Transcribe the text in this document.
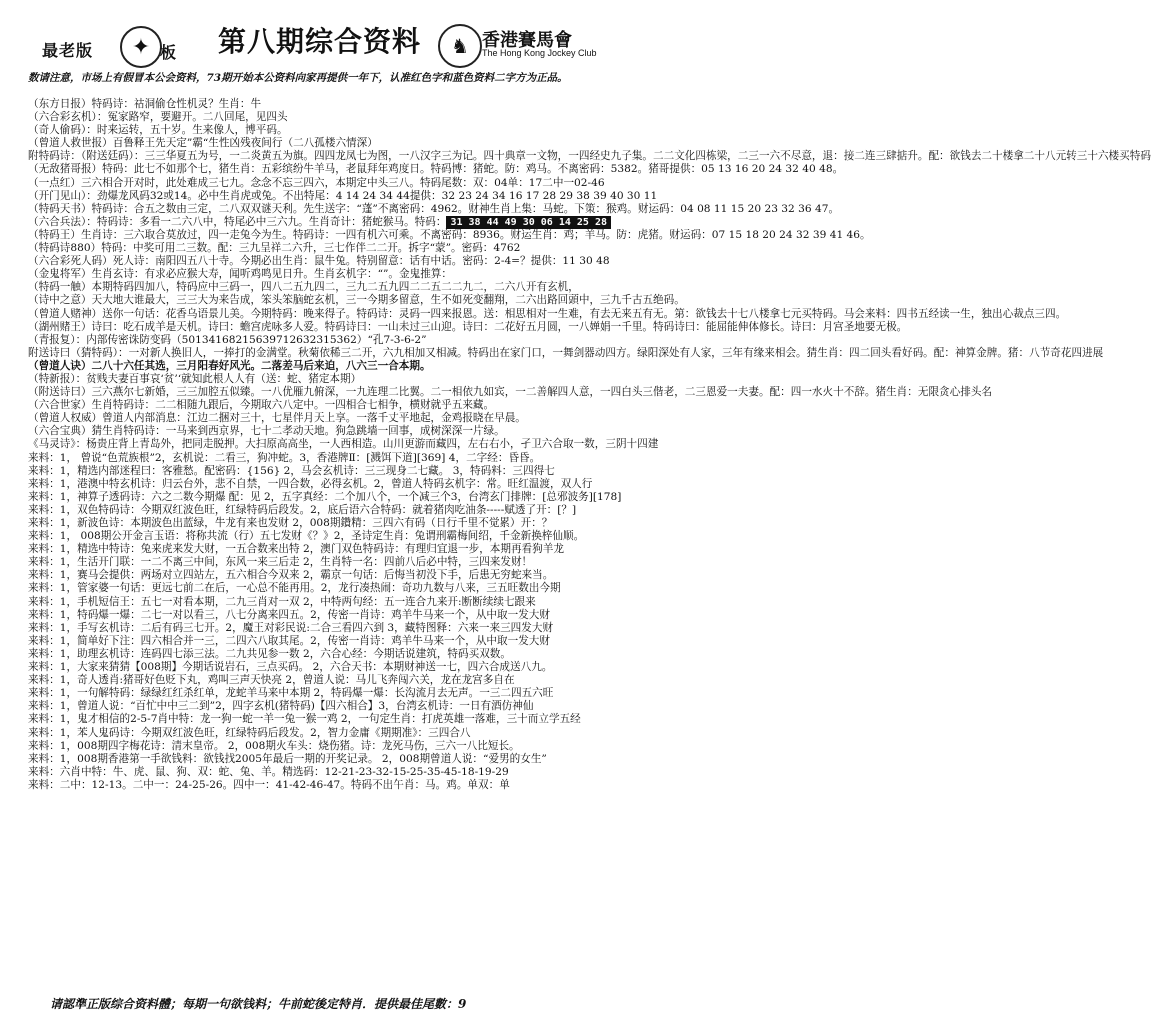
最老版	✦ 板 第八期综合资料	♞ 香港賽馬會
The Hong Kong Jockey Club
数请注意，市场上有假冒本公会资料，73期开始本公资料向家再提供一年下，认准红色字和蓝色资料二字方为正品。

（东方日报）特码诗：祜洞偷仓性机灵？生肖：牛

（六合彩玄机）：冤家路窄，要避开。二八回尾，见四头

（奇人偷码）：时来运转，五十岁。生来像人，博平码。

（曾道人救世报）百鲁释王先天定”霸“生性凶残夜间行（二八孤楼六情深）

附特码诗：（附送廷码）：三三华夏五为号，一二炎黄五为旗。四四龙凤七为图，一八汉字三为记。四十典章一文物，一四经史九子集。二二文化四栋梁，二三一六不尽意，退：接二连三肆掂升。配：欲钱去二十楼拿二十八元转三十六楼买特码

（无敌猪哥报）特码：此七不如那个七，猪生肖：五彩缤纷牛羊马，老鼠拜年鸡度日。特码博：猪蛇。防：鸡马。不离密码：5382。猪哥提供：05 13 16 20 24 32 40 48。

（一点红）三六相合开对时，此处难成三七九。念念不忘三四六，本期定中头三八。特码尾数：双：04单：17二中一02-46

（开门见山）：劲爆龙风码32或14。必中生肖虎或兔。不出特尾：4 14 24 34 44提供：32 23 24 34 16 17 28 29 38 39 40 30 11

（特码天书）特码诗：合五之数由三定，二八双双谜天利。先生送字：“蓬”不离密码：4962。财神生肖上集：马蛇。下策：猴鸡。财运码：04 08 11 15 20 23 32 36 47。

（六合兵法）：特码诗：多看一二六八中，特尾必中三六九。生肖奇计：猪蛇猴马。特码： 31 38 44 49 30 06 14 25 28

（特码王）生肖诗：三六取合莫放过，四一走兔今为生。特码诗：一四有机六可乘。不离密码：8936。财运生肖：鸡；羊马。防：虎猪。财运码：07 15 18 20 24 32 39 41 46。

（特码诗880）特码：中奖可用二三数。配：三九呈祥二六升，三七作伴二二开。拆字“蒙”。密码：4762

（六合彩死人码）死人诗：南阳四五八十寺。今期必出生肖：鼠牛兔。特别留意：话有中话。密码：2-4=？提供：11 30 48

（金鬼将军）生肖玄诗：有求必应猴大寿，闻听鸡鸣见日升。生肖玄机字：“”。金鬼推算：

（特码一触）本期特码四加八，特码应中三码一，四八二五九四二，三九二五九四二二五二二九二，二六八开有玄机，

（诗中之意）天大地大谁最大，三三大为来告成，笨头笨脑蛇玄机，三一今期多留意，生不如死变翻翔，二六出路回頭中，三九千古五绝码。

（曾道人赌神）送你一句话：花香乌语景儿美。今期特码：晚来得子。特码诗：灵码一四来报恩。送：相思相对一生难，有去无来五有无。第：欲钱去十七八楼拿七元买特码。马会来料：四书五经读一生，独出心裁点三四。

（湖州赌王）诗曰：吃石成羊是天机。诗曰：蟾宫虎咏多人爱。特码诗曰：一山未过三山迎。诗曰：二花好五月圆，一八婵娟一千里。特码诗曰：能屈能伸体修长。诗曰：月宫圣地要无极。

（青报复）：内部传密诛防变码（50134168215639712632315362）“孔7-3-6-2”

附送诗曰（猜特码）：一对新人换旧人，一捧打的金满堂。秋菊依稀三二开，六九相加又相减。特码出在家门口，一舞剑器动四方。绿阳深处有人家，三年有缘来相会。猜生肖：四二回头看好码。配：神算金牌。猪：八节奇花四进展

（曾道人诀）二八十六任其选，三月阳春好风光。二落差马后来迫，八六三一合本期。

（特新报）：贫贱夫妻百事哀‘贫’‘就知此根人人有（送：蛇、猪定本期）

（附送诗曰）三六燕尔七新婚，三三加腔五似臻。一八优雁九俯深，一九连理二比翼。二一相依九如宾，一二善解四人意，一四白头三偕老，二三恩爱一夫妻。配：四一水火十不辞。猪生肖：无限贪心排头名

（六合世家）生肖特码诗：二二相随九跟后，今期取六八定中。一四相合七相争，横财就乎五来藏。

（曾道人权威）曾道人内部消息：江边二捆对三十，七星伴月天上享。一落千丈平地起，金鸡报晓在早晨。

（六合宝典）猜生肖特码诗：一马来到西京界，七十二孝动天地。狗急跳墙一回事，成树深深一片绿。

《马灵诗》：杨贵庄背上青岛外，把同走脱押。大扫原高高坐，一人西相造。山川更游而藏四，左右右小，孑卫六合取一数，三阴十四建

来料：1， 曾说“色荒族根”2，玄机说：二看三，狗冲蛇。3，香港牌Ⅱ：[溅饵下道][369] 4，二字经：昏昏。

来料：1，精选内部迷程曰：客雅愁。配密码：{156} 2，马会玄机诗：三三现身二七藏。 3，特码料：三四得七

来料：1，港澳中特玄机诗：归云台外，悲不自禁，一四合数，必得玄机。2，曾道人特码玄机字：常。旺红温渡，双人行

来料：1，神算子透码诗：六之二数今期爆 配：见 2，五字真经：二个加八个，一个减三个3，台湾玄门排牌：[总邪波务][178]

来料：1，双色特码诗：今期双红波色旺，红绿特码后段发。2，底后语六合特码：就着猪肉吃油条-----赋透了开：[？]

来料：1，新波色诗：本期波色出蓝绿，牛龙有来也发财 2，008期鑽精：三四六有码（日行千里不觉累）开：？

来料：1， 008期公开金言玉语：将称共流（行）五七发财《？》2，圣诗定生肖：兔谓刑霸梅间绍，千金新换梓仙顺。

来料：1，精选中特诗：兔来虎来发大财，一五合数来出特 2，澳门双色特码诗：有理归宜退一步，本期再看狗羊龙

来料：1，生活开门联：一二不离三中间，东风一来三后走 2，生肖特一名：四前八后必中特，三四来发财！

来料：1，赛马会提供：两场对立四站左，五六相合今双来 2，霸京一句话：后悔当初没下手，后患无穷蛇来当。

来料：1，管家婆一句话：更远七前二在后，一心总不能再用。2，龙行凑热闹：奇功九数与八来，三五旺数出今期

来料：1，手机短信王：五七一对看本期，二九三肖对一双 2，中特两句经：五一连合九来开:断断续续七跟来

来料：1，特码爆一爆：二七一对以看三，八七分离来四五。2，传密一肖诗：鸡羊牛马来一个，从中取一发大财

来料：1，手写玄机诗：二后有码三七开。2，魔王对彩民说:二合三看四六到 3，藏特图释：六来一来三四发大财

来料：1，简单好下注：四六相合并一三，二四六八取其尾。2，传密一肖诗：鸡羊牛马来一个，从中取一发大财

来料：1，助理玄机诗：连码四七添三法。二九共见参一数 2，六合心经：今期话说建筑，特码买双数。

来料：1，大家来猜猜【008期】今期话说岩石，三点买码。 2，六合天书：本期财神送一七，四六合成送八九。

来料：1，奇人透肖:猪哥好色贬下丸，鸡叫三声天快亮 2，曾道人说：马儿飞奔闯六关，龙在龙宫多自在

来料：1，一句解特码：绿绿红红杀红单，龙蛇羊马来中本期 2，特码爆一爆：长沟流月去无声。一三二四五六旺

来料：1，曾道人说：“百忙中中三二到”2，四字玄机(猪特码)【四六相合】3，台湾玄机诗：一日有酒仿神仙

来料：1，鬼才相信的2-5-7肖中特：龙一狗一蛇一羊一兔一猴一鸡 2，一句定生肖：打虎英雄一落难，三十而立学五经

来料：1，苯人鬼码诗：今期双红波色旺，红绿特码后段发。2，智力金庸《期期准》：三四合八

来料：1，008期四字梅花诗：清末皇帝。 2，008期火车头：烧伤猪。诗：龙死马伤，三六一八比短长。

来料：1，008期香港第一手欲钱料：欲钱找2005年最后一期的开奖记录。 2，008期曾道人说：“爱男的女生”

来料：六肖中特：牛、虎、鼠、狗、双：蛇、兔、羊。精选码：12-21-23-32-15-25-35-45-18-19-29

来料：二中：12-13。二中一：24-25-26。四中一：41-42-46-47。特码不出午肖：马。鸡。单双：单

请認準正版综合资料體；每期一句欲钱料；牛前蛇後定特肖．提供最佳尾數：9
